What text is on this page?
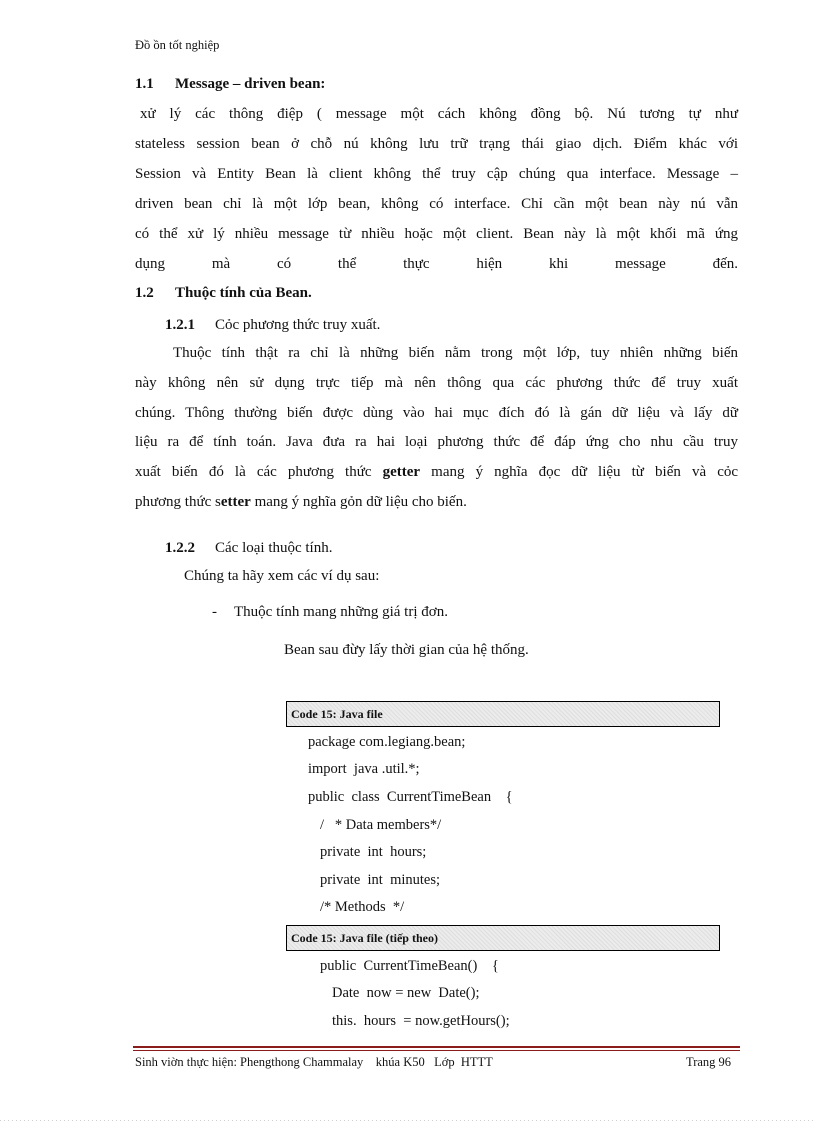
Đồ ồn tốt nghiệp
1.1 Message – driven bean:
xử lý các thông điệp ( message một cách không đồng bộ. Nú tương tự như
stateless session bean ở chỗ nú không lưu trữ trạng thái giao dịch. Điểm khác với
Session và Entity Bean là client không thể truy cập chúng qua interface. Message –
driven bean chỉ là một lớp bean, không có interface. Chỉ cần một bean này nú vẫn
có thể xử lý nhiều message từ nhiều hoặc một client. Bean này là một khối mã ứng
dụng mà có thể thực hiện khi message đến.
1.2 Thuộc tính của Bean.
1.2.1 Cỏc phương thức truy xuất.
Thuộc tính thật ra chỉ là những biến nằm trong một lớp, tuy nhiên những biến
này không nên sử dụng trực tiếp mà nên thông qua các phương thức để truy xuất
chúng. Thông thường biến được dùng vào hai mục đích đó là gán dữ liệu và lấy dữ
liệu ra để tính toán. Java đưa ra hai loại phương thức để đáp ứng cho nhu cầu truy
xuất biến đó là các phương thức getter mang ý nghĩa đọc dữ liệu từ biến và cỏc
phương thức setter mang ý nghĩa gỏn dữ liệu cho biến.
1.2.2 Các loại thuộc tính.
Chúng ta hãy xem các ví dụ sau:
- Thuộc tính mang những giá trị đơn.
Bean sau đừy lấy thời gian của hệ thống.
Code 15: Java file
package com.legiang.bean;
import  java .util.*;
public  class  CurrentTimeBean    {
/   * Data members*/
private  int  hours;
private  int  minutes;
/* Methods  */
Code 15: Java file (tiếp theo)
public  CurrentTimeBean()    {
Date  now = new  Date();
this.  hours  = now.getHours();
Sinh viờn thực hiện: Phengthong Chammalay    khúa K50   Lớp  HTTT	Trang 96
